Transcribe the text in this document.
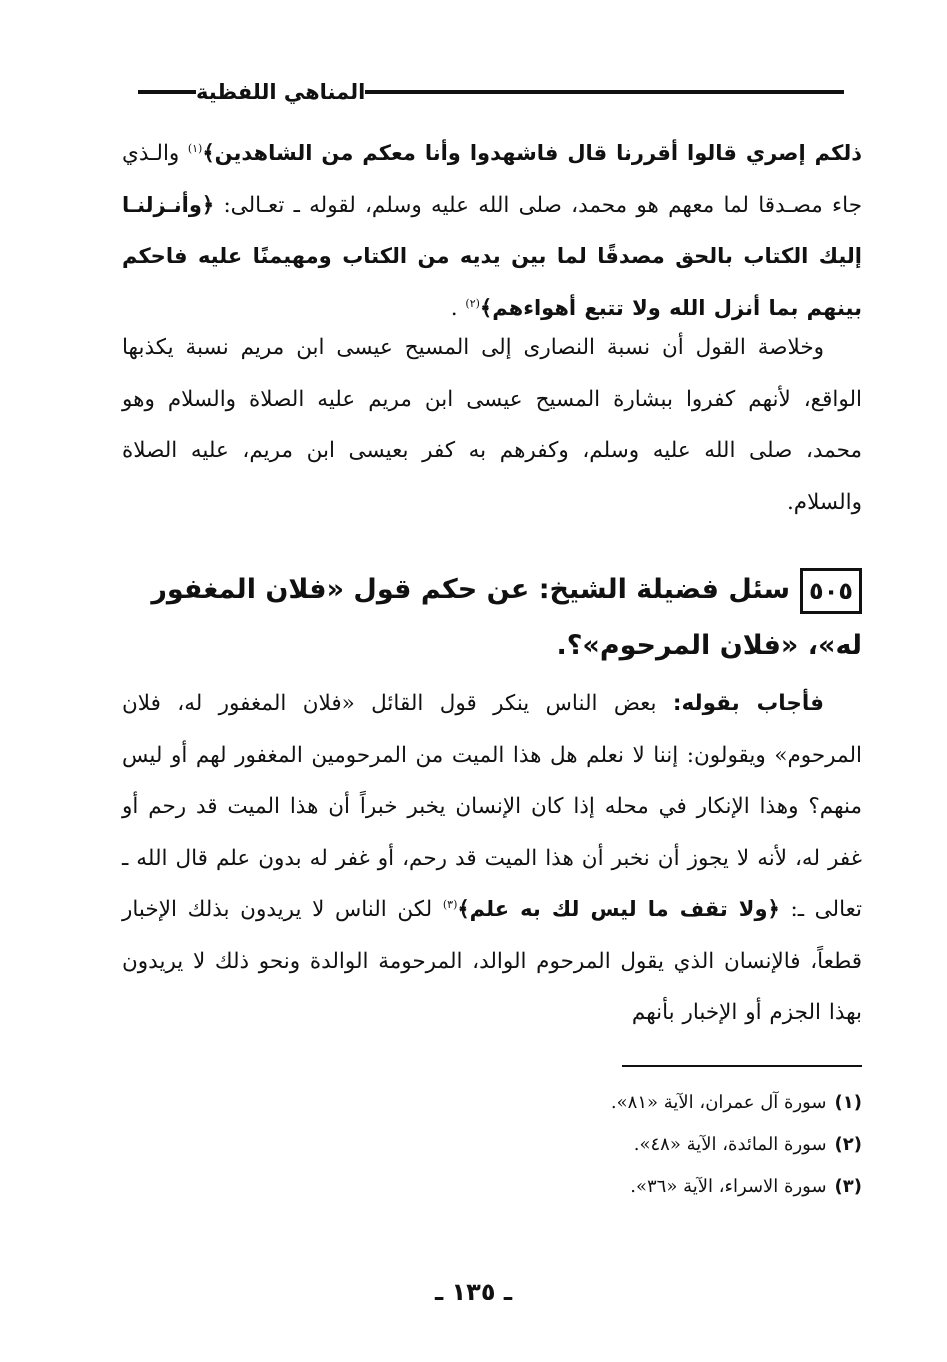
المناهي اللفظية

ذلكم إصري قالوا أقررنا قال فاشهدوا وأنا معكم من الشاهدين﴾$^{(١)}$ والـذي جاء مصـدقا لما معهم هو محمد، صلى الله عليه وسلم، لقوله ـ تعـالى: ﴿وأنـزلنـا إليك الكتاب بالحق مصدقًا لما بين يديه من الكتاب ومهيمنًا عليه فاحكم بينهم بما أنزل الله ولا تتبع أهواءهم﴾$^{(٢)}$ .

وخلاصة القول أن نسبة النصارى إلى المسيح عيسى ابن مريم نسبة يكذبها الواقع، لأنهم كفروا ببشارة المسيح عيسى ابن مريم عليه الصلاة والسلام وهو محمد، صلى الله عليه وسلم، وكفرهم به كفر بعيسى ابن مريم، عليه الصلاة والسلام.

٥٠٥سئل فضيلة الشيخ: عن حكم قول «فلان المغفور له»، «فلان المرحوم»؟.

فأجاب بقوله: بعض الناس ينكر قول القائل «فلان المغفور له، فلان المرحوم» ويقولون: إننا لا نعلم هل هذا الميت من المرحومين المغفور لهم أو ليس منهم؟ وهذا الإنكار في محله إذا كان الإنسان يخبر خبراً أن هذا الميت قد رحم أو غفر له، لأنه لا يجوز أن نخبر أن هذا الميت قد رحم، أو غفر له بدون علم قال الله ـ تعالى ـ: ﴿ولا تقف ما ليس لك به علم﴾$^{(٣)}$ لكن الناس لا يريدون بذلك الإخبار قطعاً، فالإنسان الذي يقول المرحوم الوالد، المرحومة الوالدة ونحو ذلك لا يريدون بهذا الجزم أو الإخبار بأنهم

(١)سورة آل عمران، الآية «٨١».

(٢)سورة المائدة، الآية «٤٨».

(٣)سورة الاسراء، الآية «٣٦».

ـ ١٣٥ ـ
